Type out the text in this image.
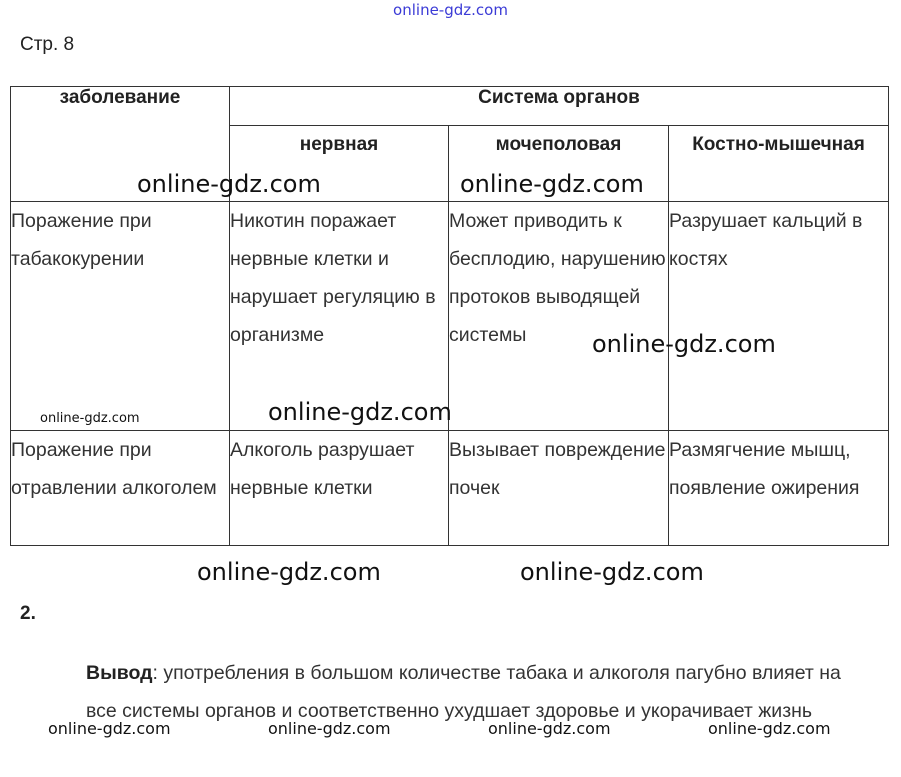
online-gdz.com
Стр. 8
заболевание	Система органов		
	нервная	мочеполовая	Костно-мышечная
Поражение при табакокурении	Никотин поражает нервные клетки и нарушает регуляцию в организме	Может приводить к бесплодию, нарушению протоков выводящей системы	Разрушает кальций в костях
Поражение при отравлении алкоголем	Алкоголь разрушает нервные клетки	Вызывает повреждение почек	Размягчение мышц, появление ожирения
online-gdz.com	online-gdz.com
online-gdz.com
online-gdz.com	online-gdz.com
online-gdz.com	online-gdz.com
2.
Вывод: употребления в большом количестве табака и алкоголя пагубно влияет на все системы органов и соответственно ухудшает здоровье и укорачивает жизнь
online-gdz.com	online-gdz.com	online-gdz.com	online-gdz.com
